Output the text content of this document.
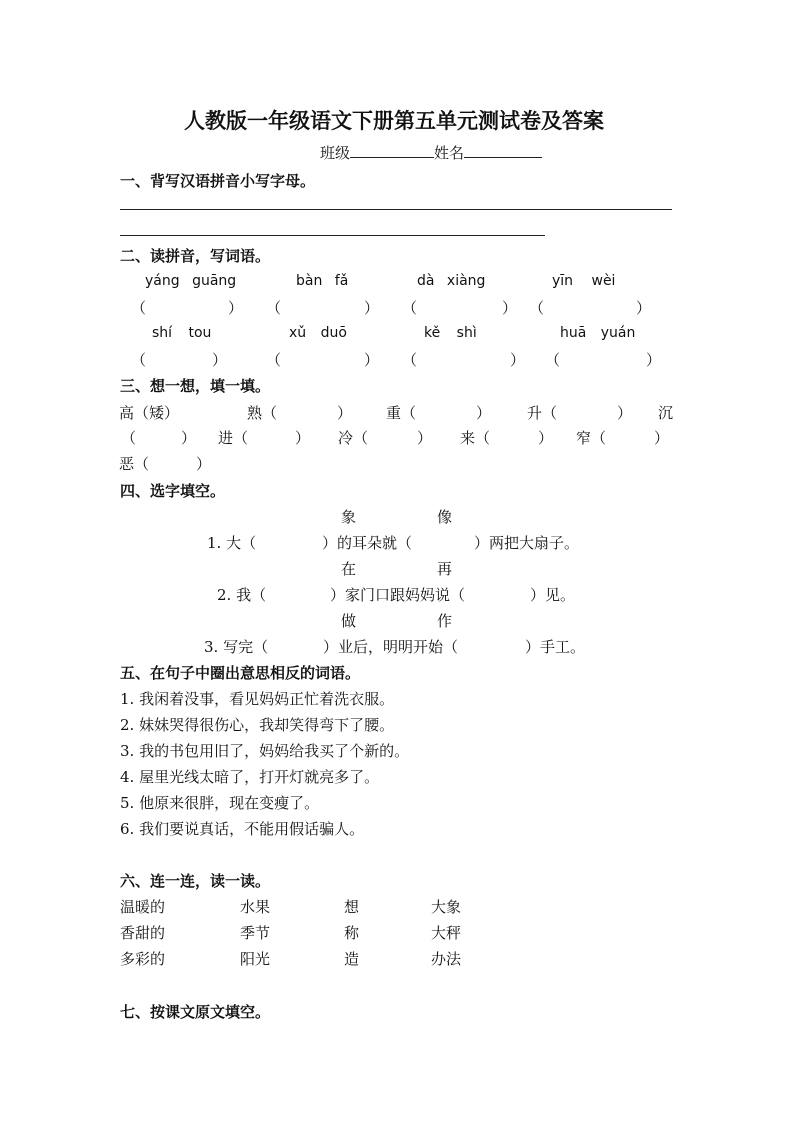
人教版一年级语文下册第五单元测试卷及答案
班级	姓名
一、背写汉语拼音小写字母。
二、读拼音，写词语。
yáng guāng	bàn fǎ	dà xiàng	yīn wèi
（	） （	） （	） （	）
shí tou	xǔ duō	kě shì	huā yuán
（	）	（	） （	） （	）
三、想一想，填一填。
高（矮）	熟（	） 重（	） 升（	） 沉
（	） 进（	） 冷（	） 来（	） 窄（	）
恶（	）
四、选字填空。
象	像
1. 大（	）的耳朵就（	）两把大扇子。
在	再
2. 我（	）家门口跟妈妈说（	）见。
做	作
3. 写完（	）业后，明明开始（	）手工。
五、在句子中圈出意思相反的词语。
1. 我闲着没事，看见妈妈正忙着洗衣服。
2. 妹妹哭得很伤心，我却笑得弯下了腰。
3. 我的书包用旧了，妈妈给我买了个新的。
4. 屋里光线太暗了，打开灯就亮多了。
5. 他原来很胖，现在变瘦了。
6. 我们要说真话，不能用假话骗人。
六、连一连，读一读。
温暖的	水果	想	大象
香甜的	季节	称	大秤
多彩的	阳光	造	办法
七、按课文原文填空。
